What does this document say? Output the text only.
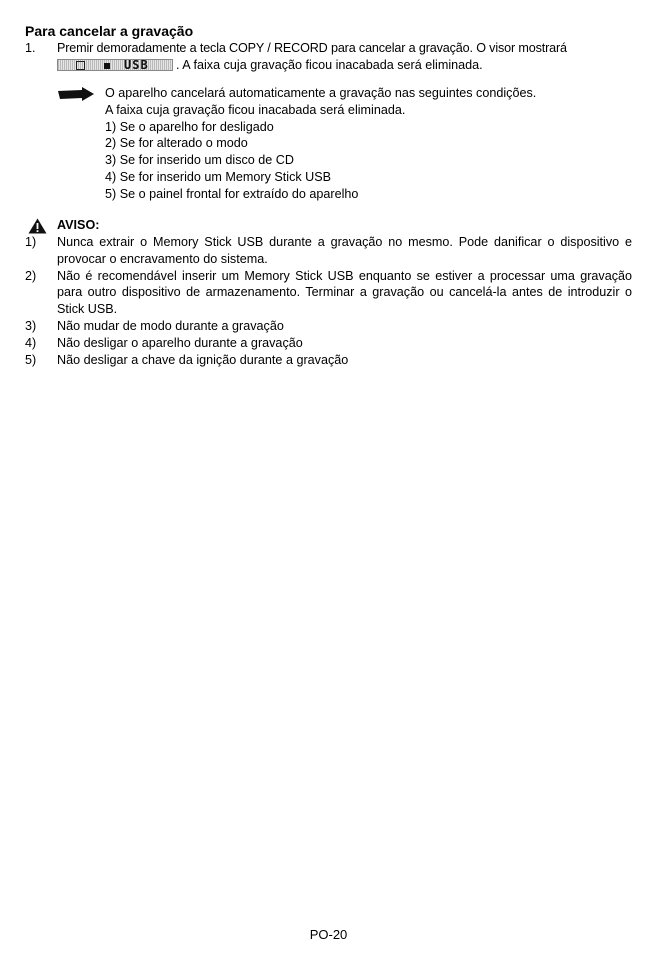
Para cancelar a gravação
1. Premir demoradamente a tecla COPY / RECORD para cancelar a gravação. O visor mostrará
USB . A faixa cuja gravação ficou inacabada será eliminada.
O aparelho cancelará automaticamente a gravação nas seguintes condições.
A faixa cuja gravação ficou inacabada será eliminada.
1) Se o aparelho for desligado
2) Se for alterado o modo
3) Se for inserido um disco de CD
4) Se for inserido um Memory Stick USB
5) Se o painel frontal for extraído do aparelho
AVISO:
1) Nunca extrair o Memory Stick USB durante a gravação no mesmo. Pode danificar o dispositivo e provocar o encravamento do sistema.
2) Não é recomendável inserir um Memory Stick USB enquanto se estiver a processar uma gravação para outro dispositivo de armazenamento. Terminar a gravação ou cancelá-la antes de introduzir o Stick USB.
3) Não mudar de modo durante a gravação
4) Não desligar o aparelho durante a gravação
5) Não desligar a chave da ignição durante a gravação
PO-20
